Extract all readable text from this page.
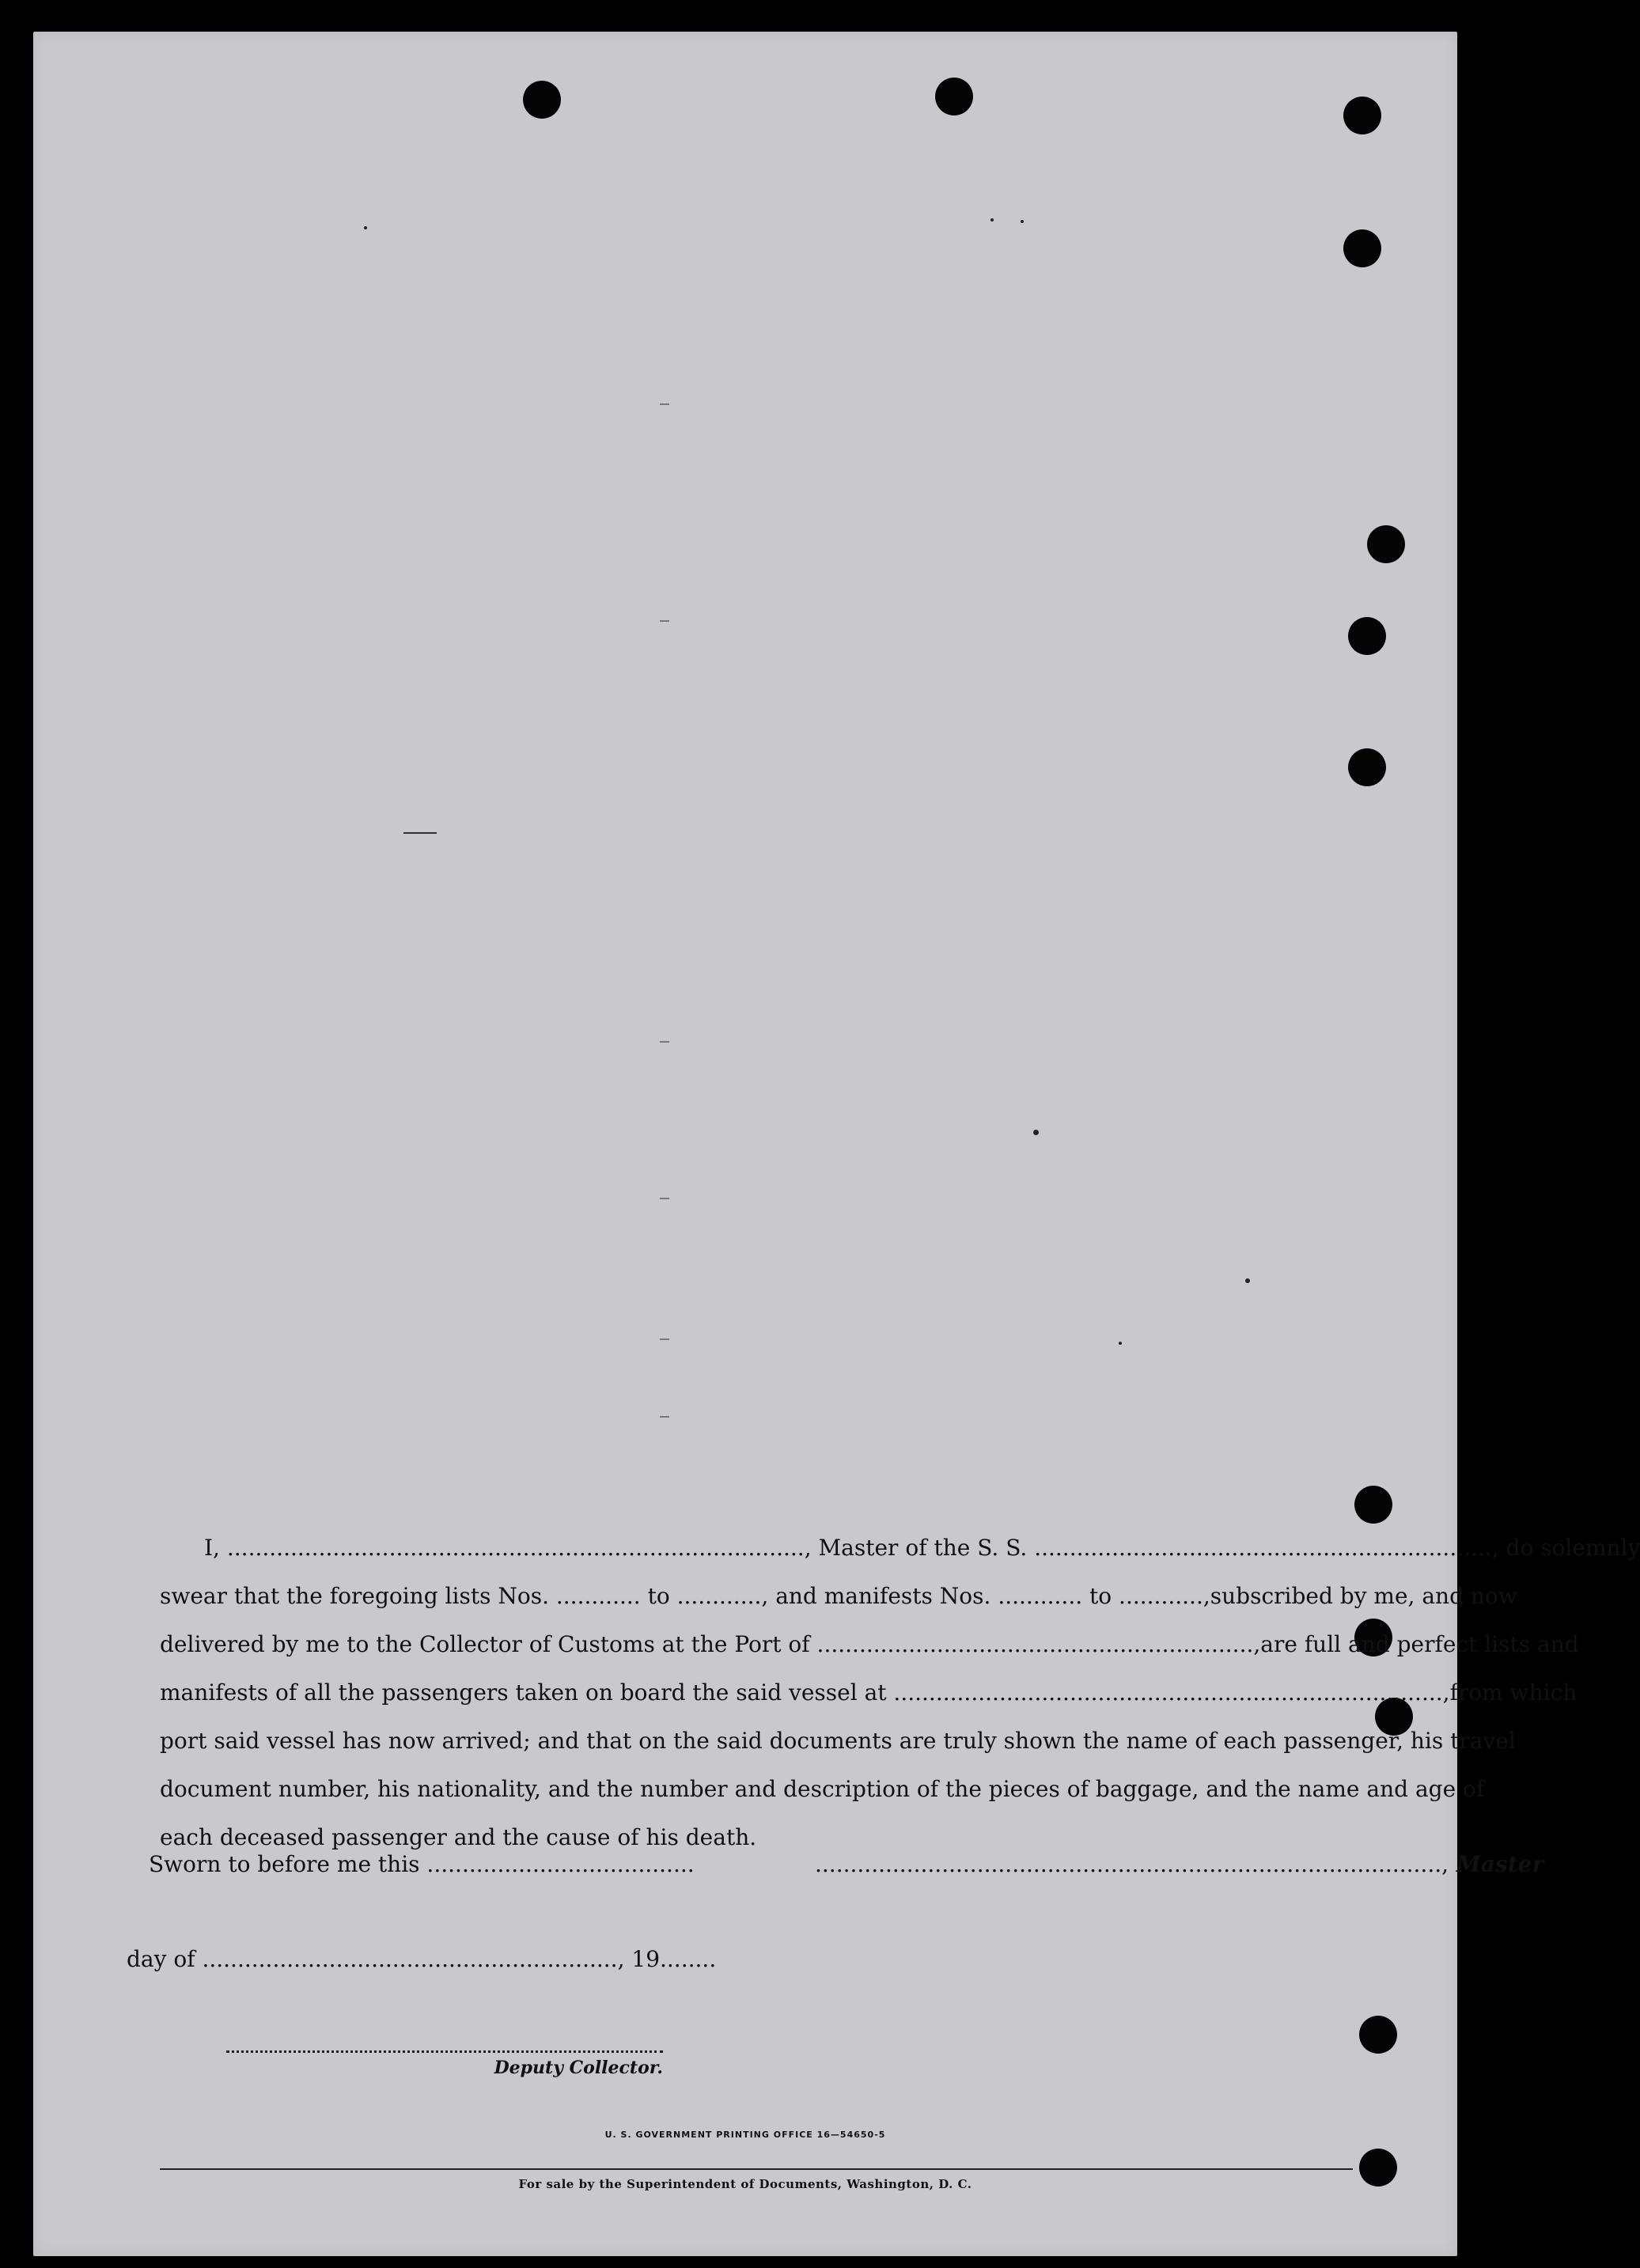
I, .................................................................................. , Master of the S. S. ................................................................. , do solemnly
swear that the foregoing lists Nos. ............ to ............, and manifests Nos. ............ to ............, subscribed by me, and now
delivered by me to the Collector of Customs at the Port of .............................................................., are full and perfect lists and
manifests of all the passengers taken on board the said vessel at .............................................................................., from which
port said vessel has now arrived; and that on the said documents are truly shown the name of each passenger, his travel
document number, his nationality, and the number and description of the pieces of baggage, and the name and age of
each deceased passenger and the cause of his death.
Sworn to before me this ......................................	........................................................................................., Master
day of ..........................................................., 19........
Deputy Collector.
U. S. GOVERNMENT PRINTING OFFICE 16—54650-5
For sale by the Superintendent of Documents, Washington, D. C.
